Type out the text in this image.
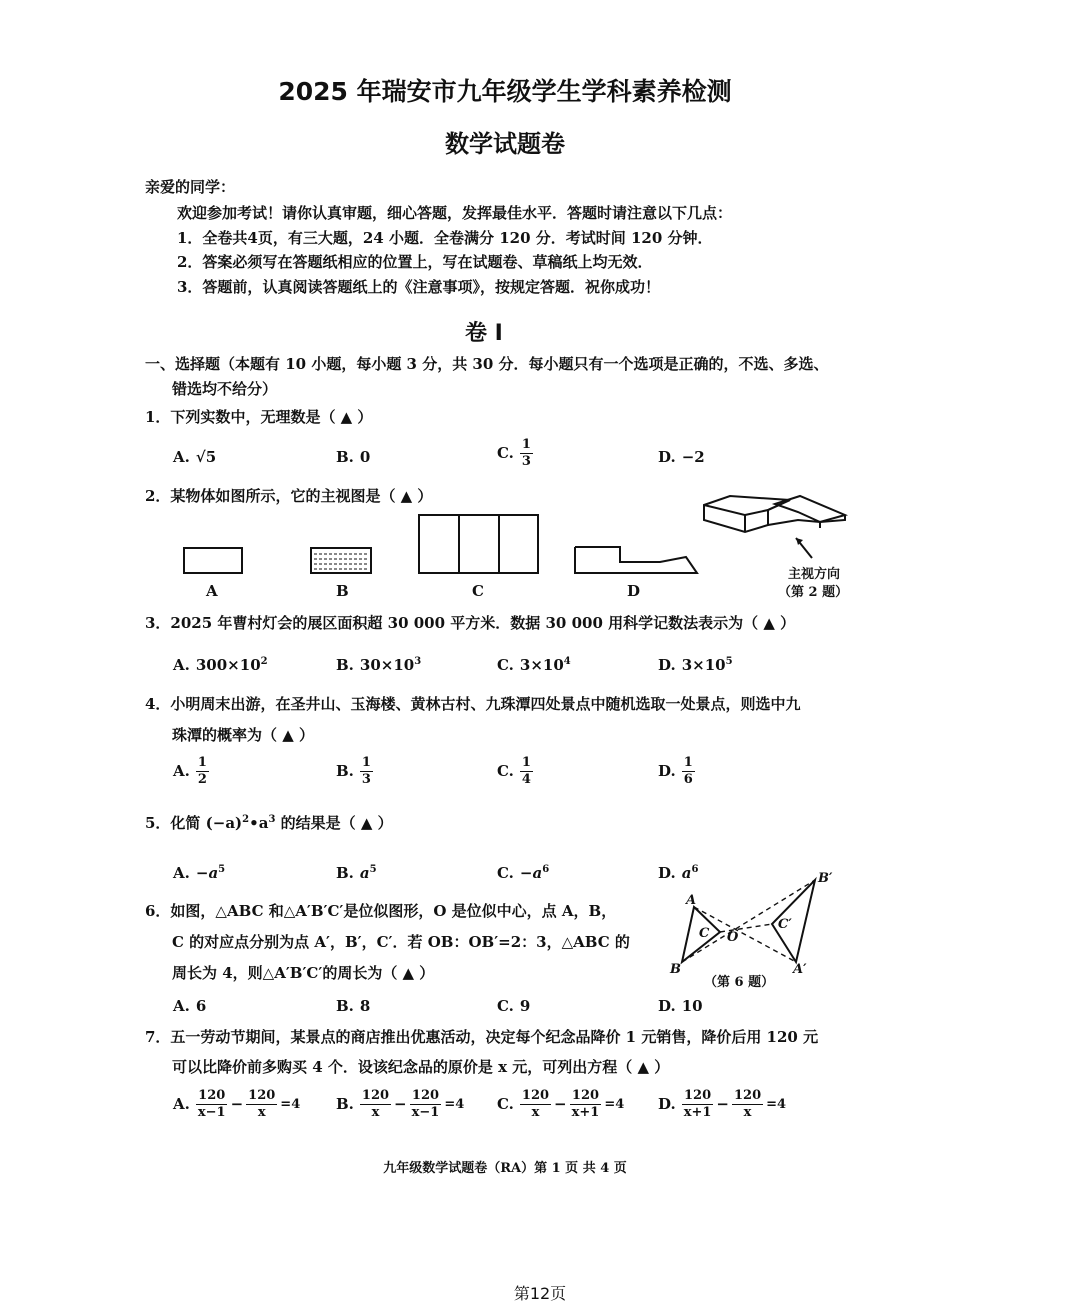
2025 年瑞安市九年级学生学科素养检测
数学试题卷
亲爱的同学：
欢迎参加考试！请你认真审题，细心答题，发挥最佳水平．答题时请注意以下几点：
1．全卷共4页，有三大题，24 小题．全卷满分 120 分．考试时间 120 分钟．
2．答案必须写在答题纸相应的位置上，写在试题卷、草稿纸上均无效．
3．答题前，认真阅读答题纸上的《注意事项》，按规定答题．祝你成功！
卷 Ⅰ
一、选择题（本题有 10 小题，每小题 3 分，共 30 分．每小题只有一个选项是正确的，不选、多选、
错选均不给分）
1．下列实数中，无理数是（ ▲ ）
A. √5	B. 0	C. $\frac{1}{3}$	D. −2
2．某物体如图所示，它的主视图是（ ▲ ）
A	B	C	D
主视方向
（第 2 题）
3．2025 年曹村灯会的展区面积超 30 000 平方米．数据 30 000 用科学记数法表示为（ ▲ ）
A. $300\times 10^2$	B. $30\times 10^3$	C. $3\times 10^4$	D. $3\times 10^5$
4．小明周末出游，在圣井山、玉海楼、黄林古村、九珠潭四处景点中随机选取一处景点，则选中九
珠潭的概率为（ ▲ ）
A. $\frac{1}{2}$	B. $\frac{1}{3}$	C. $\frac{1}{4}$	D. $\frac{1}{6}$
5．化简 $(-a)^2•a^3$ 的结果是（ ▲ ）
A. $-a^5$	B. $a^5$	C. $-a^6$	D. $a^6$
6．如图，△ABC 和△A′B′C′是位似图形，O 是位似中心，点 A，B，
C 的对应点分别为点 A′，B′，C′．若 OB：OB′=2：3，△ABC 的
周长为 4，则△A′B′C′的周长为（ ▲ ）
A. 6	B. 8	C. 9	D. 10
A
B
C O
B′
A′
C′
（第 6 题）
7．五一劳动节期间，某景点的商店推出优惠活动，决定每个纪念品降价 1 元销售，降价后用 120 元
可以比降价前多购买 4 个．设该纪念品的原价是 x 元，可列出方程（ ▲ ）
A. $\frac{120}{x-1} - \frac{120}{x} =4$ B. $\frac{120}{x} - \frac{120}{x-1} =4$ C. $\frac{120}{x} - \frac{120}{x+1} =4$ D. $\frac{120}{x+1} - \frac{120}{x} =4$
九年级数学试题卷（RA）第 1 页 共 4 页
第12页
